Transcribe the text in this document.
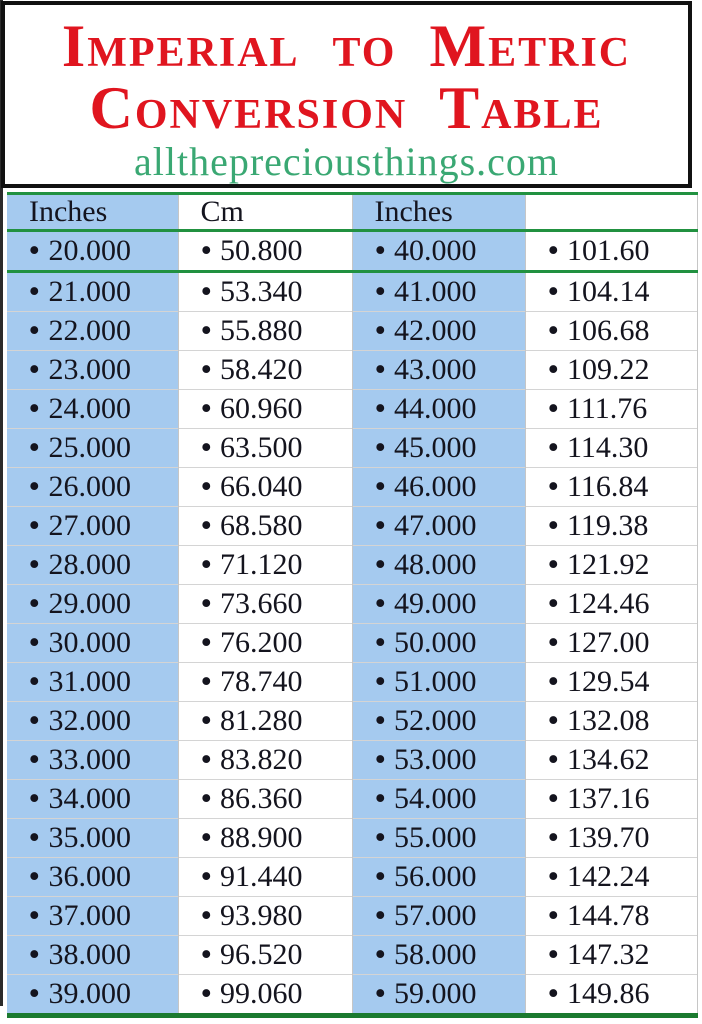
Imperial to Metric
Conversion Table
allthepreciousthings.com
Inches	Cm	Inches	
• 20.000	• 50.800	• 40.000	• 101.60
• 21.000	• 53.340	• 41.000	• 104.14
• 22.000	• 55.880	• 42.000	• 106.68
• 23.000	• 58.420	• 43.000	• 109.22
• 24.000	• 60.960	• 44.000	• 111.76
• 25.000	• 63.500	• 45.000	• 114.30
• 26.000	• 66.040	• 46.000	• 116.84
• 27.000	• 68.580	• 47.000	• 119.38
• 28.000	• 71.120	• 48.000	• 121.92
• 29.000	• 73.660	• 49.000	• 124.46
• 30.000	• 76.200	• 50.000	• 127.00
• 31.000	• 78.740	• 51.000	• 129.54
• 32.000	• 81.280	• 52.000	• 132.08
• 33.000	• 83.820	• 53.000	• 134.62
• 34.000	• 86.360	• 54.000	• 137.16
• 35.000	• 88.900	• 55.000	• 139.70
• 36.000	• 91.440	• 56.000	• 142.24
• 37.000	• 93.980	• 57.000	• 144.78
• 38.000	• 96.520	• 58.000	• 147.32
• 39.000	• 99.060	• 59.000	• 149.86
